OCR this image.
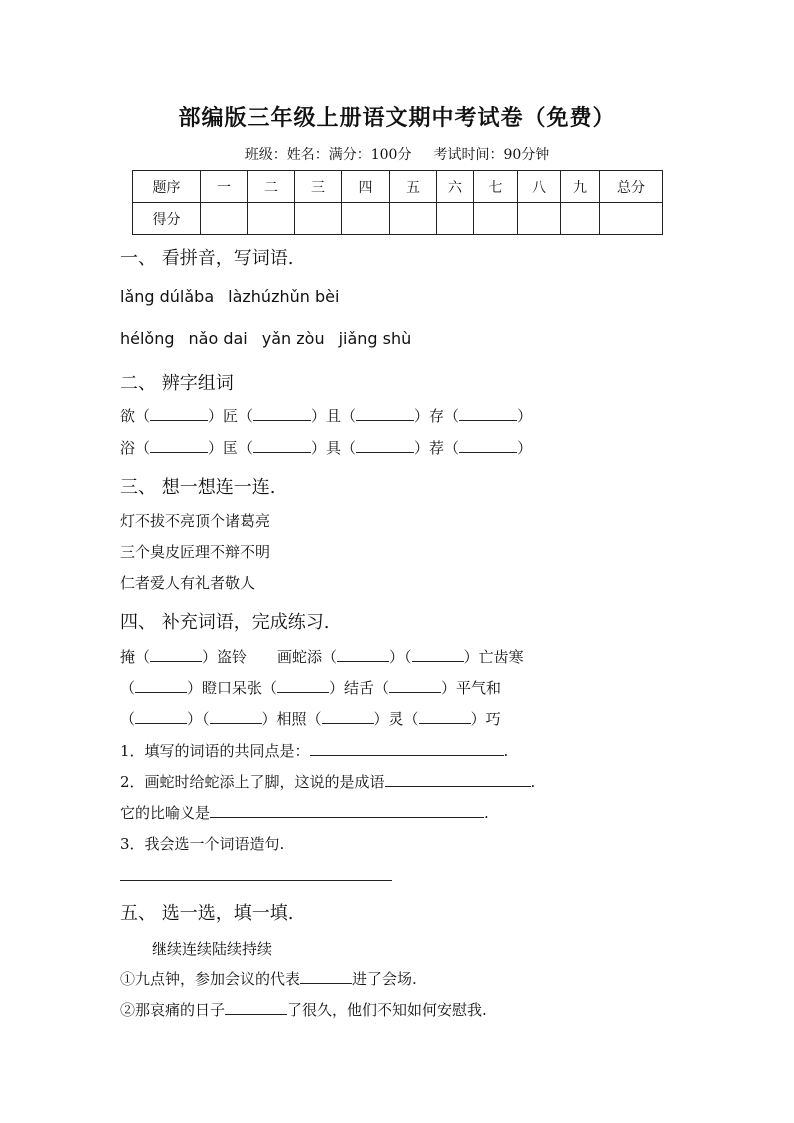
部编版三年级上册语文期中考试卷（免费）
班级：姓名：满分：100分 考试时间：90分钟
题序	一	二	三	四	五	六	七	八	九	总分
得分										
一、 看拼音，写词语.
lǎng dúlǎba làzhúzhǔn bèi
hélǒng nǎo dai yǎn zòu jiǎng shù
二、 辨字组词
欲（	）匠（	）且（	）存（	）
浴（	）匡（	）具（	）荐（	）
三、 想一想连一连.
灯不拔不亮顶个诸葛亮
三个臭皮匠理不辩不明
仁者爱人有礼者敬人
四、 补充词语，完成练习.
掩（	）盗铃 画蛇添（	）（	）亡齿寒
（	）瞪口呆张（	）结舌（	）平气和
（	）（	）相照（	）灵（	）巧
1．填写的词语的共同点是：	.
2．画蛇时给蛇添上了脚，这说的是成语	.
它的比喻义是	.
3．我会选一个词语造句.
五、 选一选，填一填.
继续连续陆续持续
①九点钟，参加会议的代表	进了会场.
②那哀痛的日子	了很久，他们不知如何安慰我.
